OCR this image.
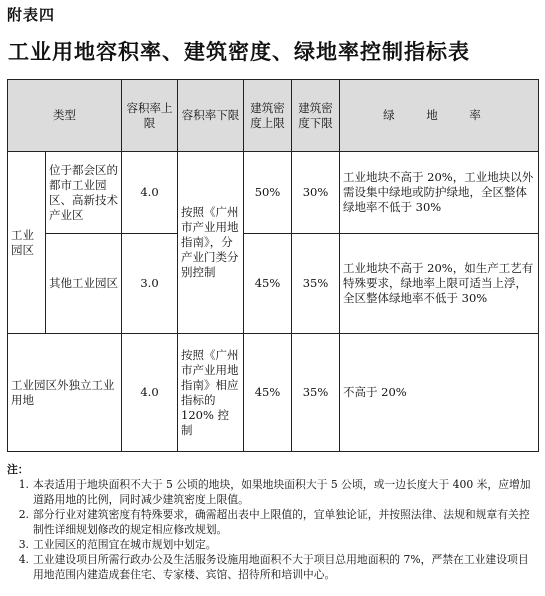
附表四
工业用地容积率、建筑密度、绿地率控制指标表
类型		容积率上限	容积率下限	建筑密度上限	建筑密度下限	绿 地 率
工业园区	位于都会区的都市工业园区、高新技术产业区	4.0	按照《广州市产业用地指南》，分产业门类分别控制	50%	30%	工业地块不高于 20%，工业地块以外需设集中绿地或防护绿地，全区整体绿地率不低于 30%
	其他工业园区	3.0		45%	35%	工业地块不高于 20%，如生产工艺有特殊要求，绿地率上限可适当上浮，全区整体绿地率不低于 30%
工业园区外独立工业用地		4.0	按照《广州市产业用地指南》相应指标的 120% 控制	45%	35%	不高于 20%
注：
1. 本表适用于地块面积不大于 5 公顷的地块，如果地块面积大于 5 公顷，或一边长度大于 400 米，应增加道路用地的比例，同时减少建筑密度上限值。
2. 部分行业对建筑密度有特殊要求，确需超出表中上限值的，宜单独论证，并按照法律、法规和规章有关控制性详细规划修改的规定相应修改规划。
3. 工业园区的范围宜在城市规划中划定。
4. 工业建设项目所需行政办公及生活服务设施用地面积不大于项目总用地面积的 7%，严禁在工业建设项目用地范围内建造成套住宅、专家楼、宾馆、招待所和培训中心。
